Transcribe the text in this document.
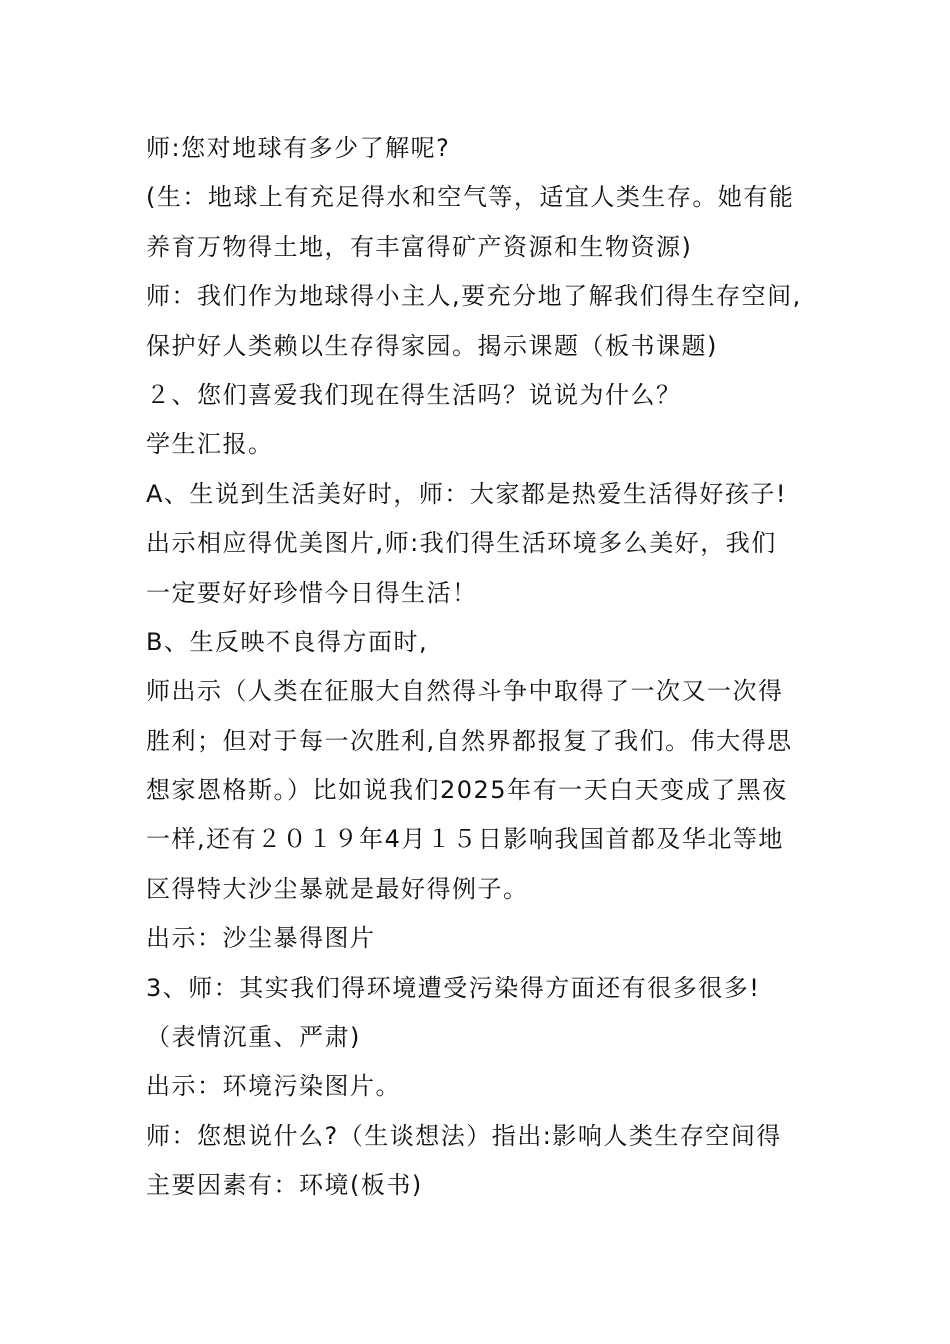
师:您对地球有多少了解呢?
(生：地球上有充足得水和空气等，适宜人类生存。她有能
养育万物得土地，有丰富得矿产资源和生物资源)
师：我们作为地球得小主人,要充分地了解我们得生存空间,
保护好人类赖以生存得家园。揭示课题（板书课题)
２、您们喜爱我们现在得生活吗？说说为什么？
学生汇报。
A、生说到生活美好时，师：大家都是热爱生活得好孩子!
出示相应得优美图片,师:我们得生活环境多么美好，我们
一定要好好珍惜今日得生活！
B、生反映不良得方面时,
师出示（人类在征服大自然得斗争中取得了一次又一次得
胜利；但对于每一次胜利,自然界都报复了我们。伟大得思
想家恩格斯。）比如说我们2025年有一天白天变成了黑夜
一样,还有２０１９年4月１５日影响我国首都及华北等地
区得特大沙尘暴就是最好得例子。
出示：沙尘暴得图片
3、师：其实我们得环境遭受污染得方面还有很多很多!
（表情沉重、严肃)
出示：环境污染图片。
师：您想说什么?（生谈想法）指出:影响人类生存空间得
主要因素有：环境(板书)
